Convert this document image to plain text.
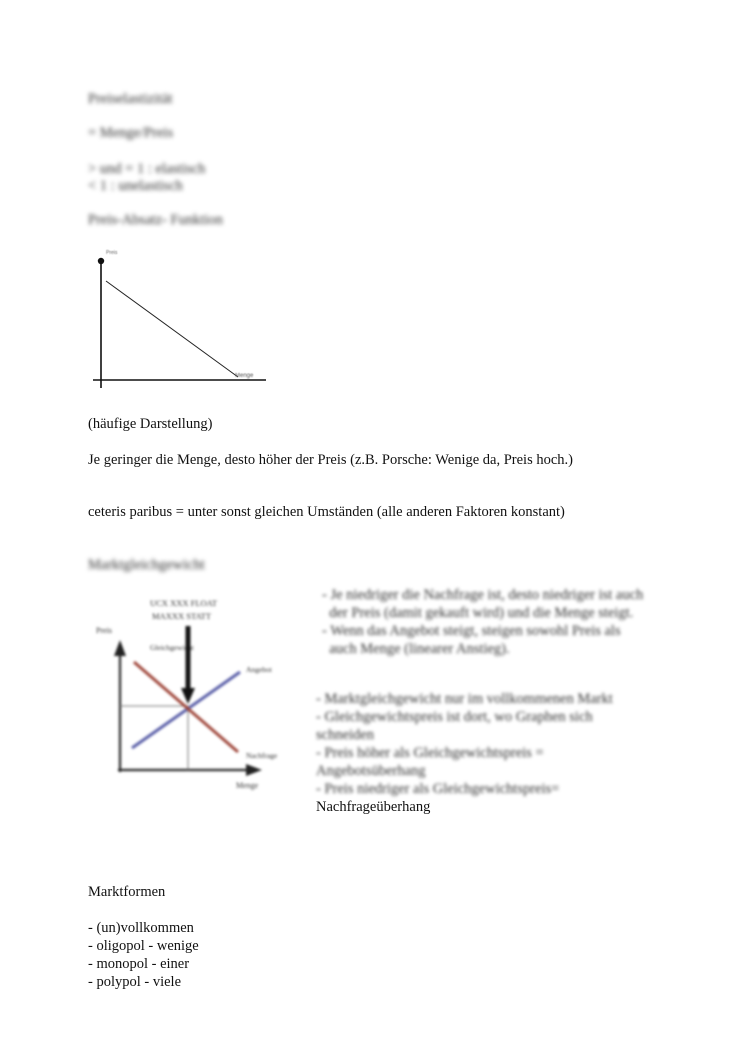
Preiselastizität
= Menge/Preis
> und = 1 : elastisch
< 1 : unelastisch
Preis-Absatz- Funktion
Preis
Menge
(häufige Darstellung)
Je geringer die Menge, desto höher der Preis (z.B. Porsche: Wenige da, Preis hoch.)
ceteris paribus = unter sonst gleichen Umständen (alle anderen Faktoren konstant)
Marktgleichgewicht
UCX XXX FLOAT
MAXXX STATT
Preis
Gleichgewicht
Angebot
Nachfrage
Menge
- Je niedriger die Nachfrage ist, desto niedriger ist auch
der Preis (damit gekauft wird) und die Menge steigt.
- Wenn das Angebot steigt, steigen sowohl Preis als
auch Menge (linearer Anstieg).
- Marktgleichgewicht nur im vollkommenen Markt
- Gleichgewichtspreis ist dort, wo Graphen sich
schneiden
- Preis höher als Gleichgewichtspreis =
Angebotsüberhang
- Preis niedriger als Gleichgewichtspreis=
Nachfrageüberhang
Marktformen
- (un)vollkommen
- oligopol - wenige
- monopol - einer
- polypol - viele
